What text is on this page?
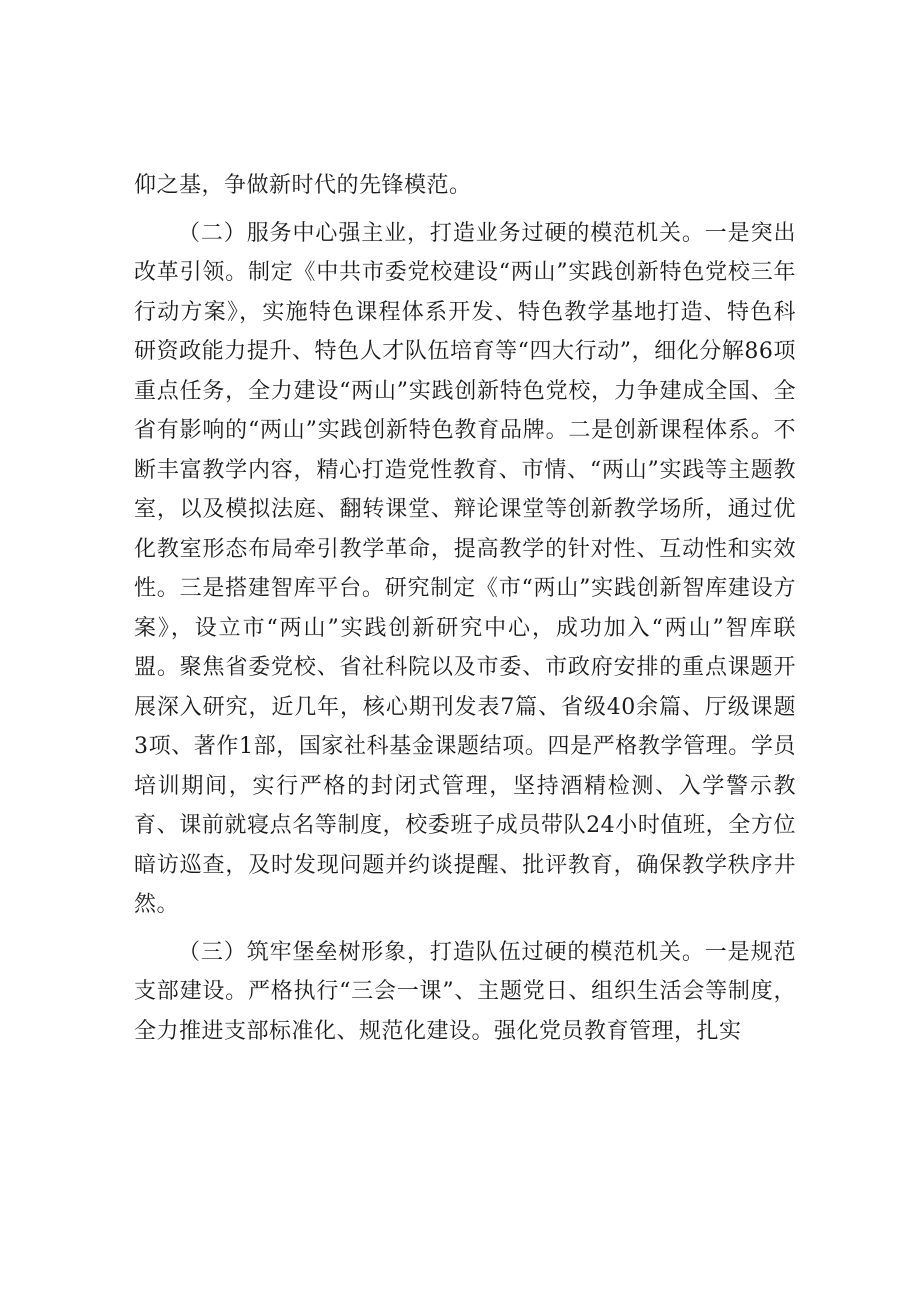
仰之基，争做新时代的先锋模范。

（二）服务中心强主业，打造业务过硬的模范机关。一是突出改革引领。制定《中共市委党校建设“两山”实践创新特色党校三年行动方案》，实施特色课程体系开发、特色教学基地打造、特色科研资政能力提升、特色人才队伍培育等“四大行动”，细化分解86项重点任务，全力建设“两山”实践创新特色党校，力争建成全国、全省有影响的“两山”实践创新特色教育品牌。二是创新课程体系。不断丰富教学内容，精心打造党性教育、市情、“两山”实践等主题教室，以及模拟法庭、翻转课堂、辩论课堂等创新教学场所，通过优化教室形态布局牵引教学革命，提高教学的针对性、互动性和实效性。三是搭建智库平台。研究制定《市“两山”实践创新智库建设方案》，设立市“两山”实践创新研究中心，成功加入“两山”智库联盟。聚焦省委党校、省社科院以及市委、市政府安排的重点课题开展深入研究，近几年，核心期刊发表7篇、省级40余篇、厅级课题3项、著作1部，国家社科基金课题结项。四是严格教学管理。学员培训期间，实行严格的封闭式管理，坚持酒精检测、入学警示教育、课前就寝点名等制度，校委班子成员带队24小时值班，全方位暗访巡查，及时发现问题并约谈提醒、批评教育，确保教学秩序井然。

（三）筑牢堡垒树形象，打造队伍过硬的模范机关。一是规范支部建设。严格执行“三会一课”、主题党日、组织生活会等制度，全力推进支部标准化、规范化建设。强化党员教育管理，扎实
